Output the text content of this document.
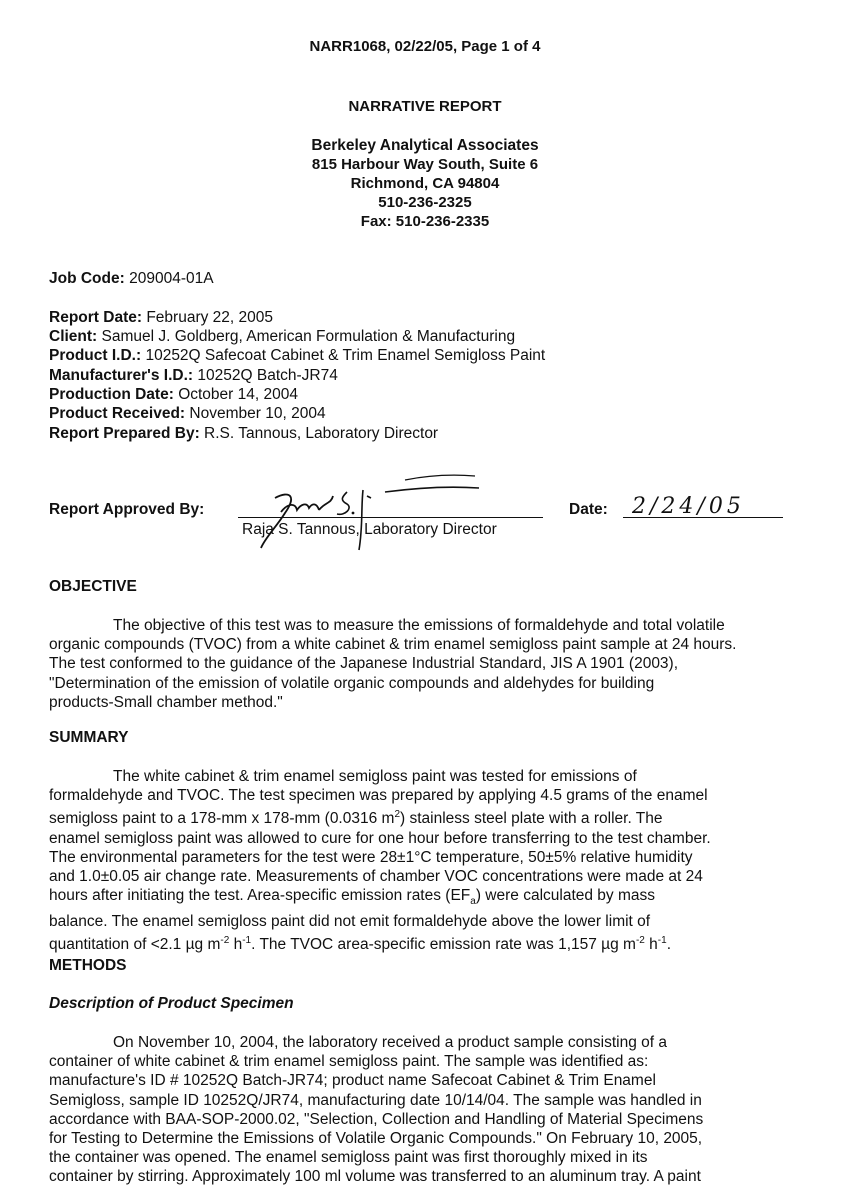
NARR1068, 02/22/05, Page 1 of 4
NARRATIVE REPORT
Berkeley Analytical Associates
815 Harbour Way South, Suite 6
Richmond, CA 94804
510-236-2325
Fax: 510-236-2335
Job Code: 209004-01A
Report Date: February 22, 2005
Client: Samuel J. Goldberg, American Formulation & Manufacturing
Product I.D.: 10252Q Safecoat Cabinet & Trim Enamel Semigloss Paint
Manufacturer's I.D.: 10252Q Batch-JR74
Production Date: October 14, 2004
Product Received: November 10, 2004
Report Prepared By: R.S. Tannous, Laboratory Director
Report Approved By:
Raja S. Tannous, Laboratory Director
Date: 2/24/05
OBJECTIVE
The objective of this test was to measure the emissions of formaldehyde and total volatile
organic compounds (TVOC) from a white cabinet & trim enamel semigloss paint sample at 24 hours.
The test conformed to the guidance of the Japanese Industrial Standard, JIS A 1901 (2003),
"Determination of the emission of volatile organic compounds and aldehydes for building
products-Small chamber method."
SUMMARY
The white cabinet & trim enamel semigloss paint was tested for emissions of
formaldehyde and TVOC. The test specimen was prepared by applying 4.5 grams of the enamel
semigloss paint to a 178-mm x 178-mm (0.0316 $m^2$) stainless steel plate with a roller. The
enamel semigloss paint was allowed to cure for one hour before transferring to the test chamber.
The environmental parameters for the test were 28±1°C temperature, 50±5% relative humidity
and 1.0±0.05 air change rate. Measurements of chamber VOC concentrations were made at 24
hours after initiating the test. Area-specific emission rates $(EF_a)$ were calculated by mass
balance. The enamel semigloss paint did not emit formaldehyde above the lower limit of
quantitation of <2.1 µg $m^{-2}$ $h^{-1}$. The TVOC area-specific emission rate was 1,157 µg $m^{-2}$ $h^{-1}$.
METHODS
Description of Product Specimen
On November 10, 2004, the laboratory received a product sample consisting of a
container of white cabinet & trim enamel semigloss paint. The sample was identified as:
manufacture's ID # 10252Q Batch-JR74; product name Safecoat Cabinet & Trim Enamel
Semigloss, sample ID 10252Q/JR74, manufacturing date 10/14/04. The sample was handled in
accordance with BAA-SOP-2000.02, "Selection, Collection and Handling of Material Specimens
for Testing to Determine the Emissions of Volatile Organic Compounds." On February 10, 2005,
the container was opened. The enamel semigloss paint was first thoroughly mixed in its
container by stirring. Approximately 100 ml volume was transferred to an aluminum tray. A paint
